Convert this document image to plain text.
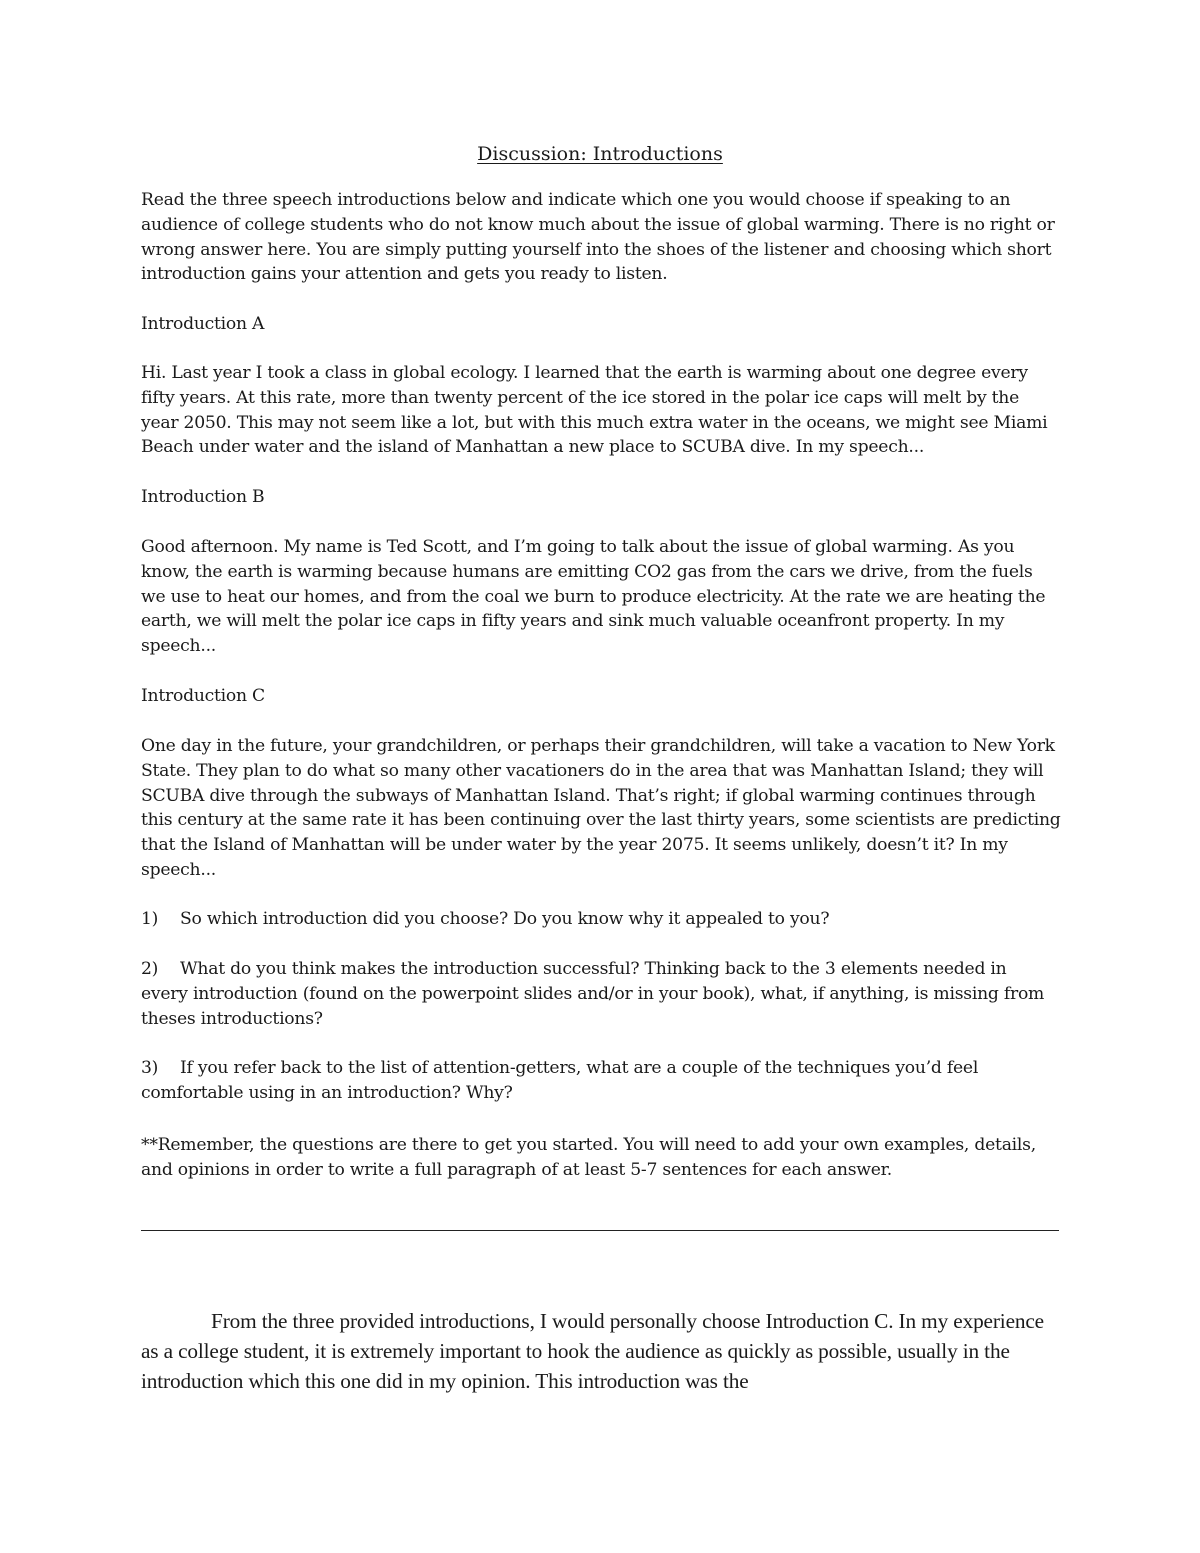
Discussion: Introductions

Read the three speech introductions below and indicate which one you would choose if speaking to an audience of college students who do not know much about the issue of global warming. There is no right or wrong answer here. You are simply putting yourself into the shoes of the listener and choosing which short introduction gains your attention and gets you ready to listen.

Introduction A

Hi. Last year I took a class in global ecology. I learned that the earth is warming about one degree every fifty years. At this rate, more than twenty percent of the ice stored in the polar ice caps will melt by the year 2050. This may not seem like a lot, but with this much extra water in the oceans, we might see Miami Beach under water and the island of Manhattan a new place to SCUBA dive. In my speech...

Introduction B

Good afternoon. My name is Ted Scott, and I’m going to talk about the issue of global warming. As you know, the earth is warming because humans are emitting CO2 gas from the cars we drive, from the fuels we use to heat our homes, and from the coal we burn to produce electricity. At the rate we are heating the earth, we will melt the polar ice caps in fifty years and sink much valuable oceanfront property. In my speech...

Introduction C

One day in the future, your grandchildren, or perhaps their grandchildren, will take a vacation to New York State. They plan to do what so many other vacationers do in the area that was Manhattan Island; they will SCUBA dive through the subways of Manhattan Island. That’s right; if global warming continues through this century at the same rate it has been continuing over the last thirty years, some scientists are predicting that the Island of Manhattan will be under water by the year 2075. It seems unlikely, doesn’t it? In my speech...

1) So which introduction did you choose? Do you know why it appealed to you?
2) What do you think makes the introduction successful? Thinking back to the 3 elements needed in

every introduction (found on the powerpoint slides and/or in your book), what, if anything, is missing from theses introductions?

3) If you refer back to the list of attention-getters, what are a couple of the techniques you’d feel

comfortable using in an introduction? Why?

**Remember, the questions are there to get you started. You will need to add your own examples, details, and opinions in order to write a full paragraph of at least 5-7 sentences for each answer.

From the three provided introductions, I would personally choose Introduction C. In my experience as a college student, it is extremely important to hook the audience as quickly as possible, usually in the introduction which this one did in my opinion. This introduction was the
